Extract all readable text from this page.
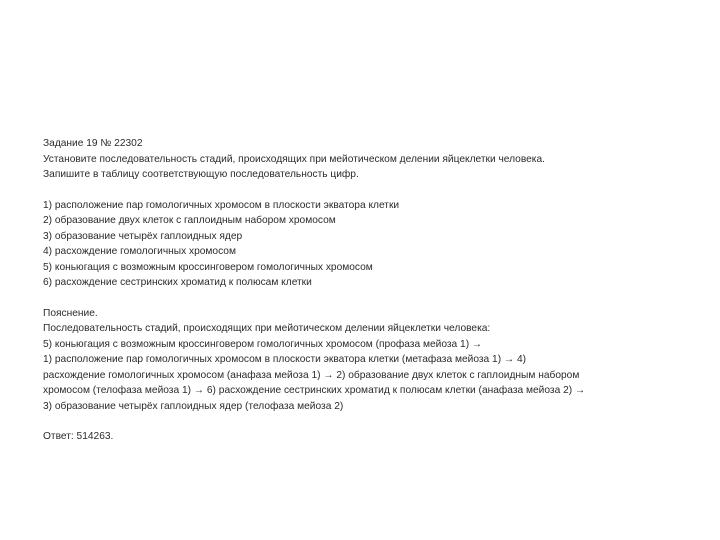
Задание 19 № 22302
Установите последовательность стадий, происходящих при мейотическом делении яйцеклетки человека.
Запишите в таблицу соответствующую последовательность цифр.
1) расположение пар гомологичных хромосом в плоскости экватора клетки
2) образование двух клеток с гаплоидным набором хромосом
3) образование четырёх гаплоидных ядер
4) расхождение гомологичных хромосом
5) коньюгация с возможным кроссинговером гомологичных хромосом
6) расхождение сестринских хроматид к полюсам клетки
Пояснение.
Последовательность стадий, происходящих при мейотическом делении яйцеклетки человека:
5) коньюгация с возможным кроссинговером гомологичных хромосом (профаза мейоза 1) →
1) расположение пар гомологичных хромосом в плоскости экватора клетки (метафаза мейоза 1) → 4)
расхождение гомологичных хромосом (анафаза мейоза 1) → 2) образование двух клеток с гаплоидным набором
хромосом (телофаза мейоза 1) → 6) расхождение сестринских хроматид к полюсам клетки (анафаза мейоза 2) →
3) образование четырёх гаплоидных ядер (телофаза мейоза 2)
Ответ: 514263.
